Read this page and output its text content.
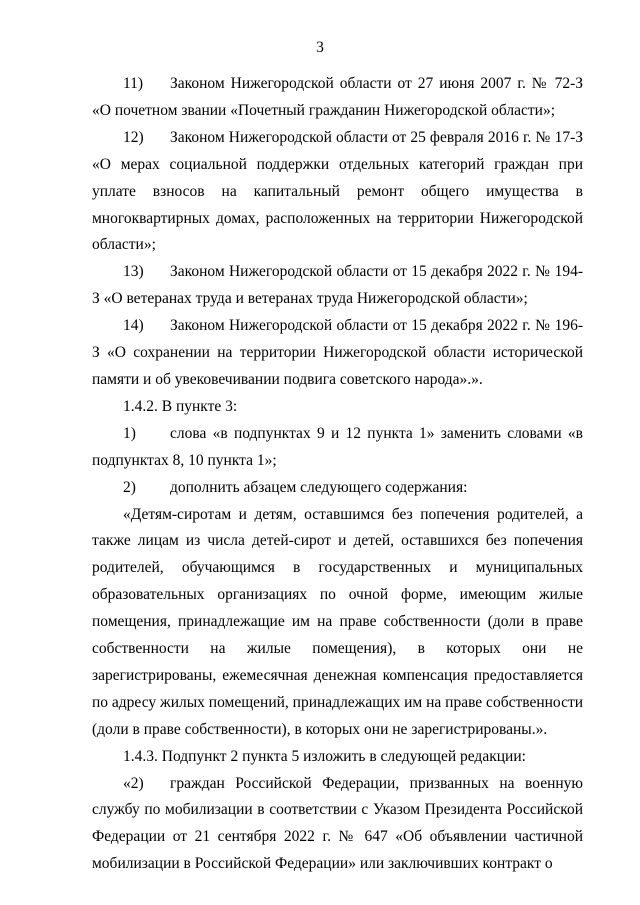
3

11) Законом Нижегородской области от 27 июня 2007 г. № 72-З «О почетном звании «Почетный гражданин Нижегородской области»;

12) Законом Нижегородской области от 25 февраля 2016 г. № 17-З «О мерах социальной поддержки отдельных категорий граждан при уплате взносов на капитальный ремонт общего имущества в многоквартирных домах, расположенных на территории Нижегородской области»;

13) Законом Нижегородской области от 15 декабря 2022 г. № 194-З «О ветеранах труда и ветеранах труда Нижегородской области»;

14) Законом Нижегородской области от 15 декабря 2022 г. № 196-З «О сохранении на территории Нижегородской области исторической памяти и об увековечивании подвига советского народа».».

1.4.2. В пункте 3:

1) слова «в подпунктах 9 и 12 пункта 1» заменить словами «в подпунктах 8, 10 пункта 1»;

2) дополнить абзацем следующего содержания:

«Детям-сиротам и детям, оставшимся без попечения родителей, а также лицам из числа детей-сирот и детей, оставшихся без попечения родителей, обучающимся в государственных и муниципальных образовательных организациях по очной форме, имеющим жилые помещения, принадлежащие им на праве собственности (доли в праве собственности на жилые помещения), в которых они не зарегистрированы, ежемесячная денежная компенсация предоставляется по адресу жилых помещений, принадлежащих им на праве собственности (доли в праве собственности), в которых они не зарегистрированы.».

1.4.3. Подпункт 2 пункта 5 изложить в следующей редакции:

«2) граждан Российской Федерации, призванных на военную службу по мобилизации в соответствии с Указом Президента Российской Федерации от 21 сентября 2022 г. № 647 «Об объявлении частичной мобилизации в Российской Федерации» или заключивших контракт о
